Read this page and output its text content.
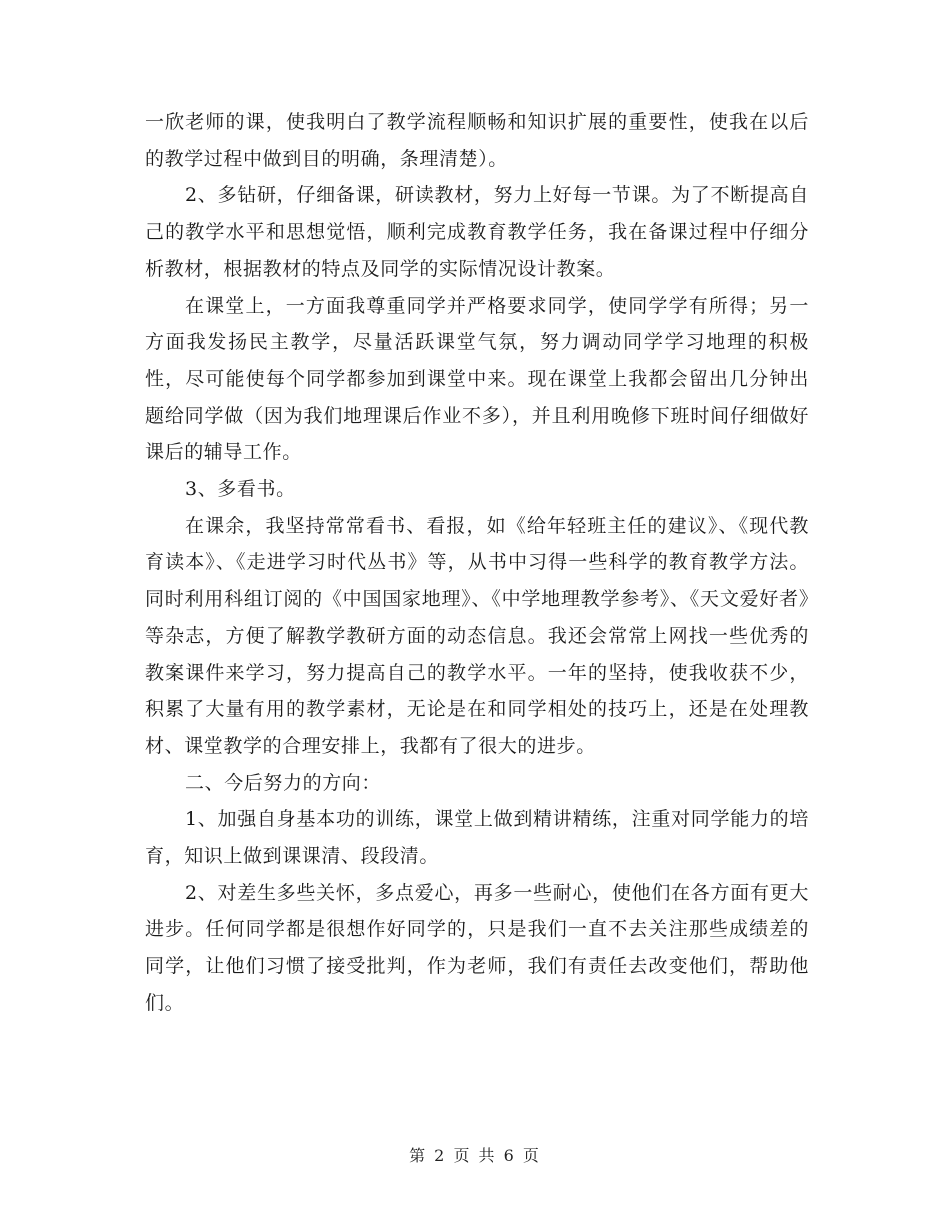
一欣老师的课，使我明白了教学流程顺畅和知识扩展的重要性，使我在以后的教学过程中做到目的明确，条理清楚）。

2、多钻研，仔细备课，研读教材，努力上好每一节课。为了不断提高自己的教学水平和思想觉悟，顺利完成教育教学任务，我在备课过程中仔细分析教材，根据教材的特点及同学的实际情况设计教案。

在课堂上，一方面我尊重同学并严格要求同学，使同学学有所得；另一方面我发扬民主教学，尽量活跃课堂气氛，努力调动同学学习地理的积极性，尽可能使每个同学都参加到课堂中来。现在课堂上我都会留出几分钟出题给同学做（因为我们地理课后作业不多），并且利用晚修下班时间仔细做好课后的辅导工作。

3、多看书。

在课余，我坚持常常看书、看报，如《给年轻班主任的建议》、《现代教育读本》、《走进学习时代丛书》等，从书中习得一些科学的教育教学方法。同时利用科组订阅的《中国国家地理》、《中学地理教学参考》、《天文爱好者》等杂志，方便了解教学教研方面的动态信息。我还会常常上网找一些优秀的教案课件来学习，努力提高自己的教学水平。一年的坚持，使我收获不少，积累了大量有用的教学素材，无论是在和同学相处的技巧上，还是在处理教材、课堂教学的合理安排上，我都有了很大的进步。

二、今后努力的方向：

1、加强自身基本功的训练，课堂上做到精讲精练，注重对同学能力的培育，知识上做到课课清、段段清。

2、对差生多些关怀，多点爱心，再多一些耐心，使他们在各方面有更大进步。任何同学都是很想作好同学的，只是我们一直不去关注那些成绩差的同学，让他们习惯了接受批判，作为老师，我们有责任去改变他们，帮助他们。

第 2 页 共 6 页
